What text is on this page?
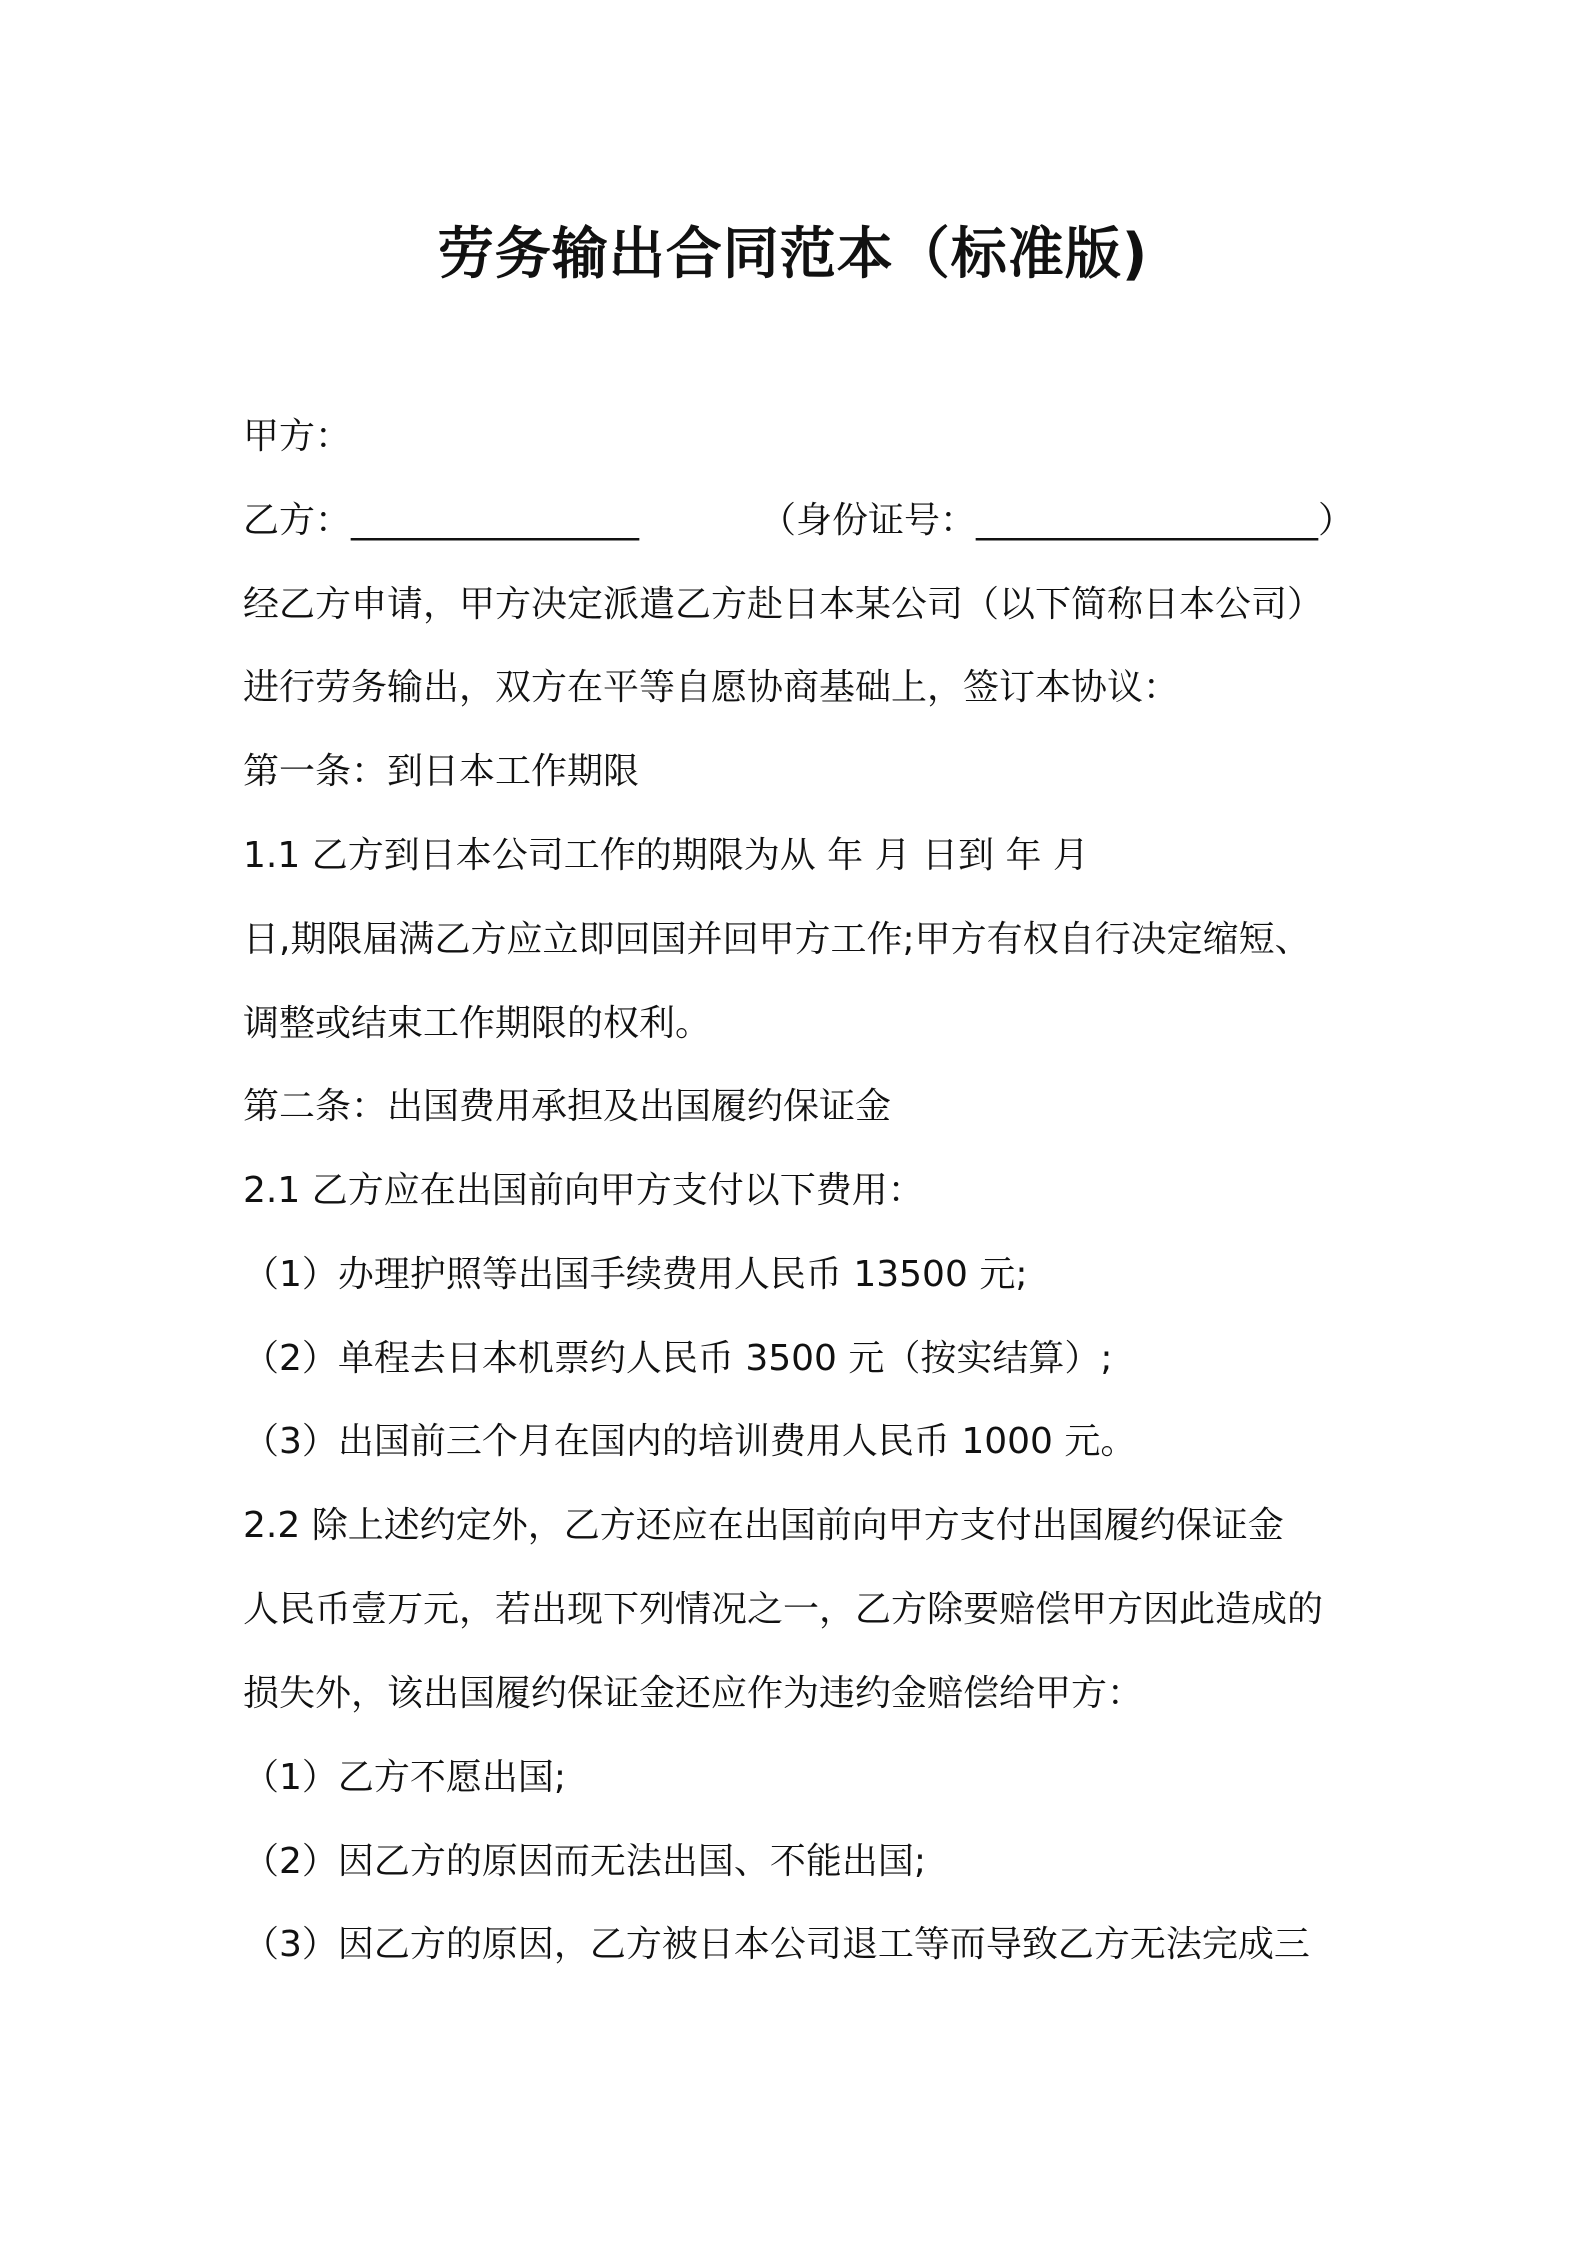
劳务输出合同范本（标准版)
甲方：
乙方：________________	（身份证号：___________________）
经乙方申请，甲方决定派遣乙方赴日本某公司（以下简称日本公司）
进行劳务输出，双方在平等自愿协商基础上，签订本协议：
第一条：到日本工作期限
1.1 乙方到日本公司工作的期限为从 年 月 日到 年 月
日,期限届满乙方应立即回国并回甲方工作;甲方有权自行决定缩短、
调整或结束工作期限的权利。
第二条：出国费用承担及出国履约保证金
2.1 乙方应在出国前向甲方支付以下费用：
（1）办理护照等出国手续费用人民币 13500 元;
（2）单程去日本机票约人民币 3500 元（按实结算）;
（3）出国前三个月在国内的培训费用人民币 1000 元。
2.2 除上述约定外，乙方还应在出国前向甲方支付出国履约保证金
人民币壹万元，若出现下列情况之一，乙方除要赔偿甲方因此造成的
损失外，该出国履约保证金还应作为违约金赔偿给甲方：
（1）乙方不愿出国;
（2）因乙方的原因而无法出国、不能出国;
（3）因乙方的原因，乙方被日本公司退工等而导致乙方无法完成三
